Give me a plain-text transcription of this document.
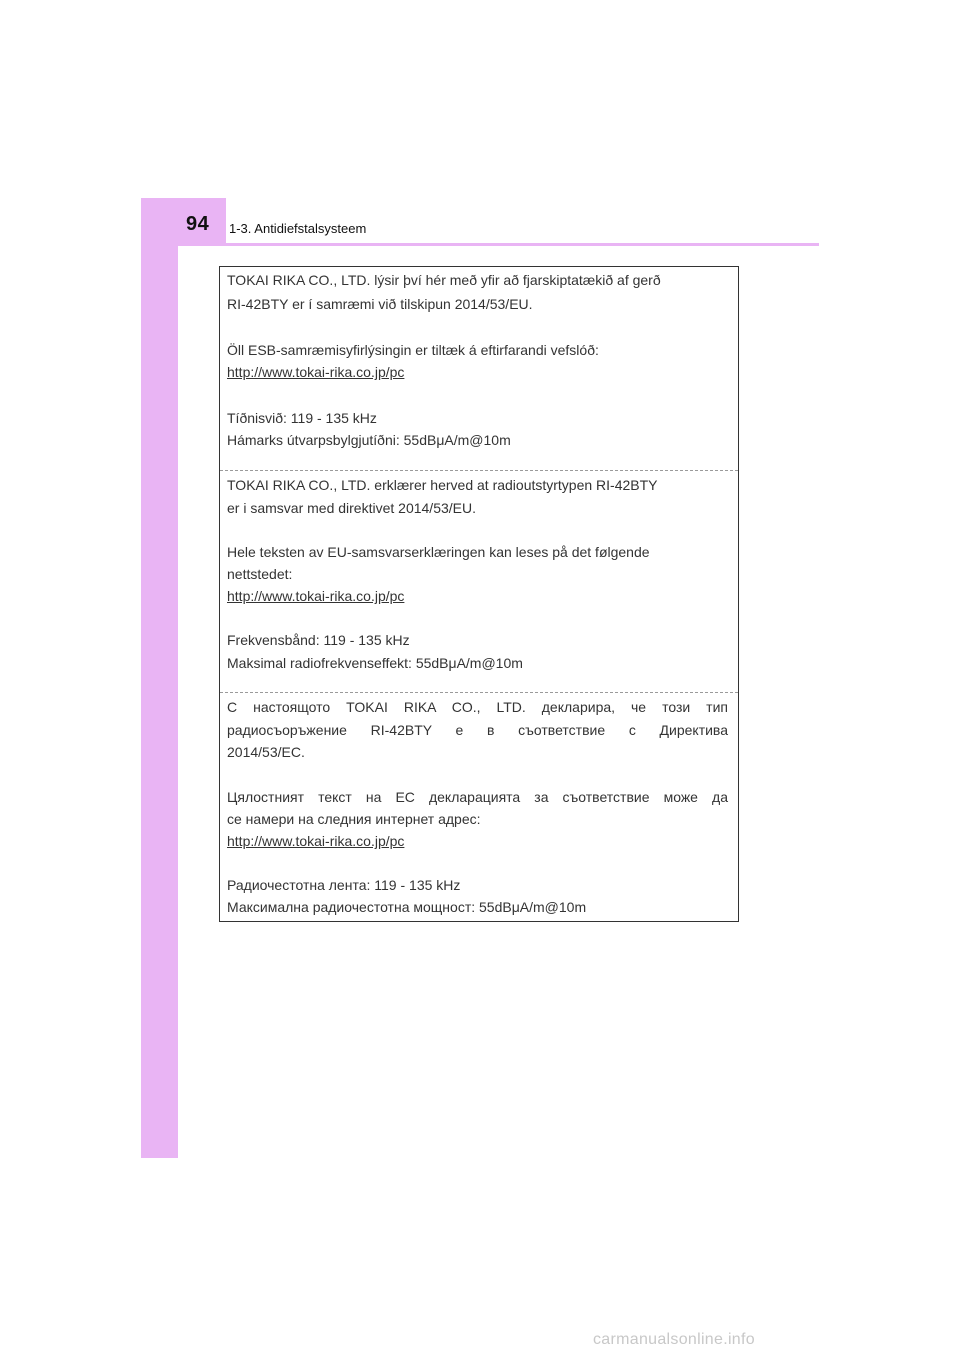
94 1-3. Antidiefstalsysteem
TOKAI RIKA CO., LTD. lýsir því hér með yfir að fjarskiptatækið af gerð
RI-42BTY er í samræmi við tilskipun 2014/53/EU.
Öll ESB-samræmisyfirlýsingin er tiltæk á eftirfarandi vefslóð:
http://www.tokai-rika.co.jp/pc
Tíðnisvið: 119 - 135 kHz
Hámarks útvarpsbylgjutíðni: 55dBμA/m@10m
TOKAI RIKA CO., LTD. erklærer herved at radioutstyrtypen RI-42BTY
er i samsvar med direktivet 2014/53/EU.
Hele teksten av EU-samsvarserklæringen kan leses på det følgende
nettstedet:
http://www.tokai-rika.co.jp/pc
Frekvensbånd: 119 - 135 kHz
Maksimal radiofrekvenseffekt: 55dBμA/m@10m
С настоящото TOKAI RIKA CO., LTD. декларира, че този тип
радиосъоръжение RI-42BTY е в съответствие с Директива
2014/53/ЕС.
Цялостният текст на ЕС декларацията за съответствие може да
се намери на следния интернет адрес:
http://www.tokai-rika.co.jp/pc
Радиочестотна лента: 119 - 135 kHz
Максимална радиочестотна мощност: 55dBμA/m@10m
carmanualsonline.info
